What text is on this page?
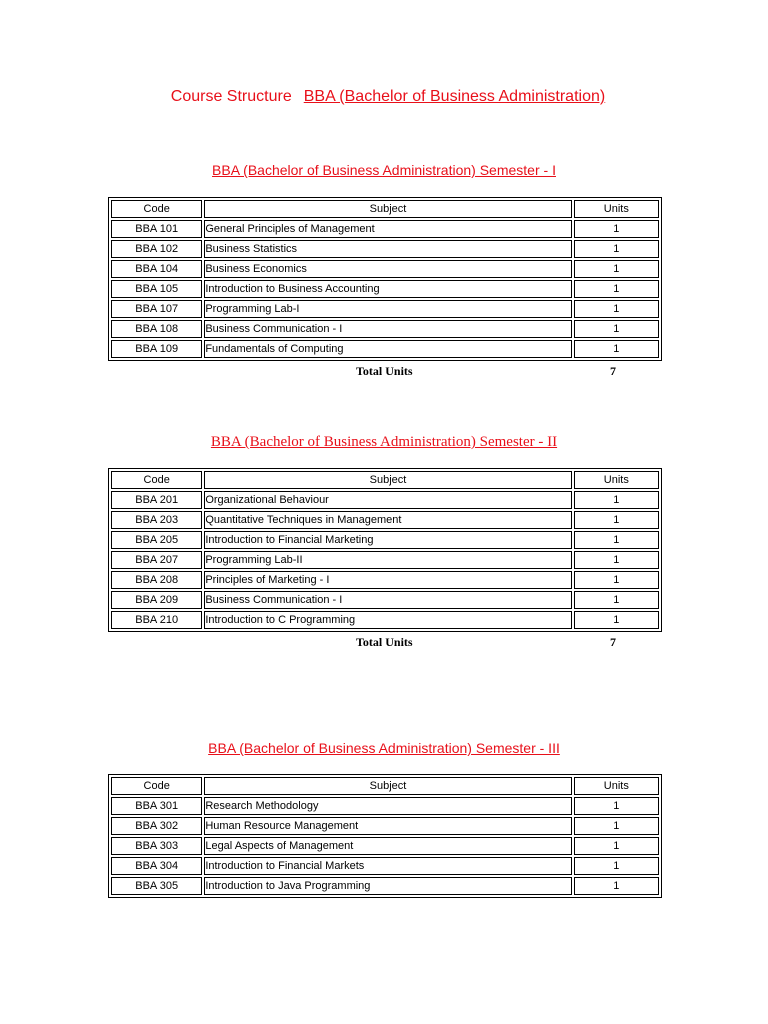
Course Structure BBA (Bachelor of Business Administration)
BBA (Bachelor of Business Administration) Semester - I
Code	Subject	Units
BBA 101	General Principles of Management	1
BBA 102	Business Statistics	1
BBA 104	Business Economics	1
BBA 105	Introduction to Business Accounting	1
BBA 107	Programming Lab-I	1
BBA 108	Business Communication - I	1
BBA 109	Fundamentals of Computing	1
Total Units	7
BBA (Bachelor of Business Administration) Semester - II
Code	Subject	Units
BBA 201	Organizational Behaviour	1
BBA 203	Quantitative Techniques in Management	1
BBA 205	Introduction to Financial Marketing	1
BBA 207	Programming Lab-II	1
BBA 208	Principles of Marketing - I	1
BBA 209	Business Communication - I	1
BBA 210	Introduction to C Programming	1
Total Units	7
BBA (Bachelor of Business Administration) Semester - III
Code	Subject	Units
BBA 301	Research Methodology	1
BBA 302	Human Resource Management	1
BBA 303	Legal Aspects of Management	1
BBA 304	Introduction to Financial Markets	1
BBA 305	Introduction to Java Programming	1
